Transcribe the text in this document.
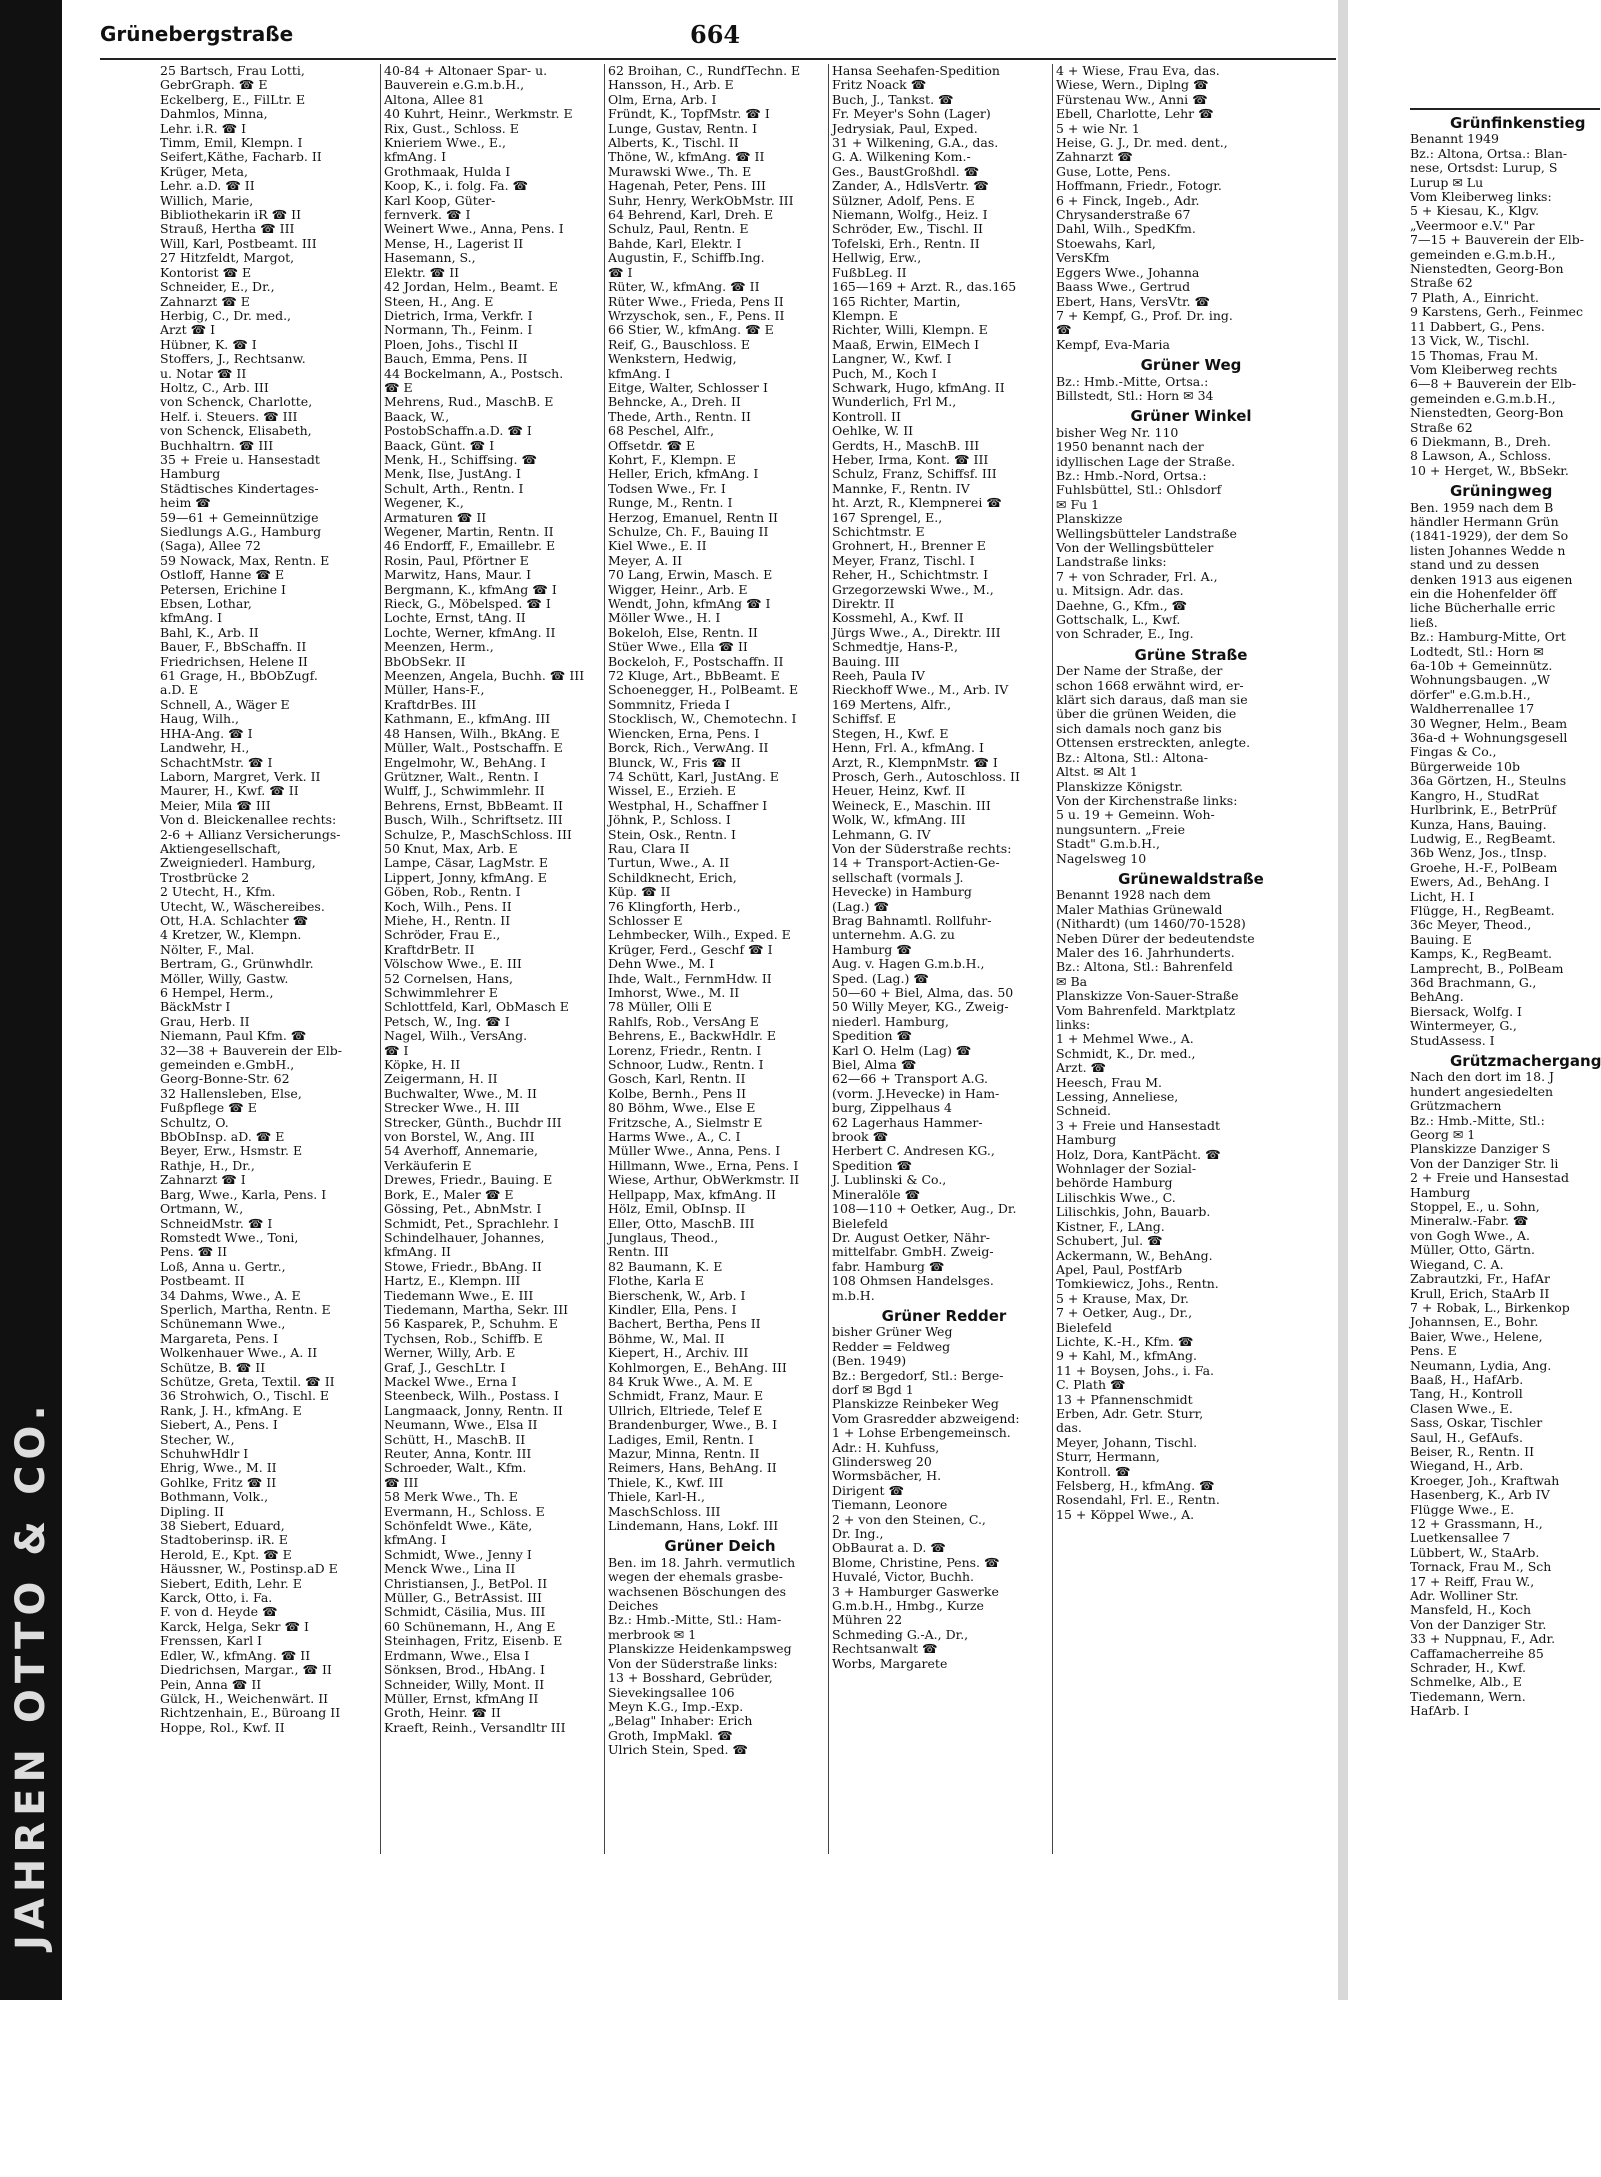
JAHREN OTTO & CO.
Grünebergstraße	664
25 Bartsch, Frau Lotti,
GebrGraph. ☎ E
Eckelberg, E., FilLtr. E
Dahmlos, Minna,
Lehr. i.R. ☎ I
Timm, Emil, Klempn. I
Seifert,Käthe, Facharb. II
Krüger, Meta,
Lehr. a.D. ☎ II
Willich, Marie,
Bibliothekarin iR ☎ II
Strauß, Hertha ☎ III
Will, Karl, Postbeamt. III
27 Hitzfeldt, Margot,
Kontorist ☎ E
Schneider, E., Dr.,
Zahnarzt ☎ E
Herbig, C., Dr. med.,
Arzt ☎ I
Hübner, K. ☎ I
Stoffers, J., Rechtsanw.
u. Notar ☎ II
Holtz, C., Arb. III
von Schenck, Charlotte,
Helf. i. Steuers. ☎ III
von Schenck, Elisabeth,
Buchhaltrn. ☎ III
35 + Freie u. Hansestadt
Hamburg
Städtisches Kindertages-
heim ☎
59—61 + Gemeinnützige
Siedlungs A.G., Hamburg
(Saga), Allee 72
59 Nowack, Max, Rentn. E
Ostloff, Hanne ☎ E
Petersen, Erichine I
Ebsen, Lothar,
kfmAng. I
Bahl, K., Arb. II
Bauer, F., BbSchaffn. II
Friedrichsen, Helene II
61 Grage, H., BbObZugf.
a.D. E
Schnell, A., Wäger E
Haug, Wilh.,
HHA-Ang. ☎ I
Landwehr, H.,
SchachtMstr. ☎ I
Laborn, Margret, Verk. II
Maurer, H., Kwf. ☎ II
Meier, Mila ☎ III
Von d. Bleickenallee rechts:
2-6 + Allianz Versicherungs-
Aktiengesellschaft,
Zweigniederl. Hamburg,
Trostbrücke 2
2 Utecht, H., Kfm.
Utecht, W., Wäschereibes.
Ott, H.A. Schlachter ☎
4 Kretzer, W., Klempn.
Nölter, F., Mal.
Bertram, G., Grünwhdlr.
Möller, Willy, Gastw.
6 Hempel, Herm.,
BäckMstr I
Grau, Herb. II
Niemann, Paul Kfm. ☎
32—38 + Bauverein der Elb-
gemeinden e.GmbH.,
Georg-Bonne-Str. 62
32 Hallensleben, Else,
Fußpflege ☎ E
Schultz, O.
BbObInsp. aD. ☎ E
Beyer, Erw., Hsmstr. E
Rathje, H., Dr.,
Zahnarzt ☎ I
Barg, Wwe., Karla, Pens. I
Ortmann, W.,
SchneidMstr. ☎ I
Romstedt Wwe., Toni,
Pens. ☎ II
Loß, Anna u. Gertr.,
Postbeamt. II
34 Dahms, Wwe., A. E
Sperlich, Martha, Rentn. E
Schünemann Wwe.,
Margareta, Pens. I
Wolkenhauer Wwe., A. II
Schütze, B. ☎ II
Schütze, Greta, Textil. ☎ II
36 Strohwich, O., Tischl. E
Rank, J. H., kfmAng. E
Siebert, A., Pens. I
Stecher, W.,
SchuhwHdlr I
Ehrig, Wwe., M. II
Gohlke, Fritz ☎ II
Bothmann, Volk.,
Dipling. II
38 Siebert, Eduard,
Stadtoberinsp. iR. E
Herold, E., Kpt. ☎ E
Häussner, W., Postinsp.aD E
Siebert, Edith, Lehr. E
Karck, Otto, i. Fa.
F. von d. Heyde ☎
Karck, Helga, Sekr ☎ I
Frenssen, Karl I
Edler, W., kfmAng. ☎ II
Diedrichsen, Margar., ☎ II
Pein, Anna ☎ II
Gülck, H., Weichenwärt. II
Richtzenhain, E., Büroang II
Hoppe, Rol., Kwf. II
40-84 + Altonaer Spar- u.
Bauverein e.G.m.b.H.,
Altona, Allee 81
40 Kuhrt, Heinr., Werkmstr. E
Rix, Gust., Schloss. E
Knieriem Wwe., E.,
kfmAng. I
Grothmaak, Hulda I
Koop, K., i. folg. Fa. ☎
Karl Koop, Güter-
fernverk. ☎ I
Weinert Wwe., Anna, Pens. I
Mense, H., Lagerist II
Hasemann, S.,
Elektr. ☎ II
42 Jordan, Helm., Beamt. E
Steen, H., Ang. E
Dietrich, Irma, Verkfr. I
Normann, Th., Feinm. I
Ploen, Johs., Tischl II
Bauch, Emma, Pens. II
44 Bockelmann, A., Postsch.
☎ E
Mehrens, Rud., MaschB. E
Baack, W.,
PostobSchaffn.a.D. ☎ I
Baack, Günt. ☎ I
Menk, H., Schiffsing. ☎
Menk, Ilse, JustAng. I
Schult, Arth., Rentn. I
Wegener, K.,
Armaturen ☎ II
Wegener, Martin, Rentn. II
46 Endorff, F., Emaillebr. E
Rosin, Paul, Pförtner E
Marwitz, Hans, Maur. I
Bergmann, K., kfmAng ☎ I
Rieck, G., Möbelsped. ☎ I
Lochte, Ernst, tAng. II
Lochte, Werner, kfmAng. II
Meenzen, Herm.,
BbObSekr. II
Meenzen, Angela, Buchh. ☎ III
Müller, Hans-F.,
KraftdrBes. III
Kathmann, E., kfmAng. III
48 Hansen, Wilh., BkAng. E
Müller, Walt., Postschaffn. E
Engelmohr, W., BehAng. I
Grützner, Walt., Rentn. I
Wulff, J., Schwimmlehr. II
Behrens, Ernst, BbBeamt. II
Busch, Wilh., Schriftsetz. III
Schulze, P., MaschSchloss. III
50 Knut, Max, Arb. E
Lampe, Cäsar, LagMstr. E
Lippert, Jonny, kfmAng. E
Göben, Rob., Rentn. I
Koch, Wilh., Pens. II
Miehe, H., Rentn. II
Schröder, Frau E.,
KraftdrBetr. II
Völschow Wwe., E. III
52 Cornelsen, Hans,
Schwimmlehrer E
Schlottfeld, Karl, ObMasch E
Petsch, W., Ing. ☎ I
Nagel, Wilh., VersAng.
☎ I
Köpke, H. II
Zeigermann, H. II
Buchwalter, Wwe., M. II
Strecker Wwe., H. III
Strecker, Günth., Buchdr III
von Borstel, W., Ang. III
54 Averhoff, Annemarie,
Verkäuferin E
Drewes, Friedr., Bauing. E
Bork, E., Maler ☎ E
Gössing, Pet., AbnMstr. I
Schmidt, Pet., Sprachlehr. I
Schindelhauer, Johannes,
kfmAng. II
Stowe, Friedr., BbAng. II
Hartz, E., Klempn. III
Tiedemann Wwe., E. III
Tiedemann, Martha, Sekr. III
56 Kasparek, P., Schuhm. E
Tychsen, Rob., Schiffb. E
Werner, Willy, Arb. E
Graf, J., GeschLtr. I
Mackel Wwe., Erna I
Steenbeck, Wilh., Postass. I
Langmaack, Jonny, Rentn. II
Neumann, Wwe., Elsa II
Schütt, H., MaschB. II
Reuter, Anna, Kontr. III
Schroeder, Walt., Kfm.
☎ III
58 Merk Wwe., Th. E
Evermann, H., Schloss. E
Schönfeldt Wwe., Käte,
kfmAng. I
Schmidt, Wwe., Jenny I
Menck Wwe., Lina II
Christiansen, J., BetPol. II
Müller, G., BetrAssist. III
Schmidt, Cäsilia, Mus. III
60 Schünemann, H., Ang E
Steinhagen, Fritz, Eisenb. E
Erdmann, Wwe., Elsa I
Sönksen, Brod., HbAng. I
Schneider, Willy, Mont. II
Müller, Ernst, kfmAng II
Groth, Heinr. ☎ II
Kraeft, Reinh., Versandltr III
62 Broihan, C., RundfTechn. E
Hansson, H., Arb. E
Olm, Erna, Arb. I
Fründt, K., TopfMstr. ☎ I
Lunge, Gustav, Rentn. I
Alberts, K., Tischl. II
Thöne, W., kfmAng. ☎ II
Murawski Wwe., Th. E
Hagenah, Peter, Pens. III
Suhr, Henry, WerkObMstr. III
64 Behrend, Karl, Dreh. E
Schulz, Paul, Rentn. E
Bahde, Karl, Elektr. I
Augustin, F., Schiffb.Ing.
☎ I
Rüter, W., kfmAng. ☎ II
Rüter Wwe., Frieda, Pens II
Wrzyschok, sen., F., Pens. II
66 Stier, W., kfmAng. ☎ E
Reif, G., Bauschloss. E
Wenkstern, Hedwig,
kfmAng. I
Eitge, Walter, Schlosser I
Behncke, A., Dreh. II
Thede, Arth., Rentn. II
68 Peschel, Alfr.,
Offsetdr. ☎ E
Kohrt, F., Klempn. E
Heller, Erich, kfmAng. I
Todsen Wwe., Fr. I
Runge, M., Rentn. I
Herzog, Emanuel, Rentn II
Schulze, Ch. F., Bauing II
Kiel Wwe., E. II
Meyer, A. II
70 Lang, Erwin, Masch. E
Wigger, Heinr., Arb. E
Wendt, John, kfmAng ☎ I
Möller Wwe., H. I
Bokeloh, Else, Rentn. II
Stüer Wwe., Ella ☎ II
Bockeloh, F., Postschaffn. II
72 Kluge, Art., BbBeamt. E
Schoenegger, H., PolBeamt. E
Sommnitz, Frieda I
Stocklisch, W., Chemotechn. I
Wiencken, Erna, Pens. I
Borck, Rich., VerwAng. II
Blunck, W., Fris ☎ II
74 Schütt, Karl, JustAng. E
Wissel, E., Erzieh. E
Westphal, H., Schaffner I
Jöhnk, P., Schloss. I
Stein, Osk., Rentn. I
Rau, Clara II
Turtun, Wwe., A. II
Schildknecht, Erich,
Küp. ☎ II
76 Klingforth, Herb.,
Schlosser E
Lehmbecker, Wilh., Exped. E
Krüger, Ferd., Geschf ☎ I
Dehn Wwe., M. I
Ihde, Walt., FernmHdw. II
Imhorst, Wwe., M. II
78 Müller, Olli E
Rahlfs, Rob., VersAng E
Behrens, E., BackwHdlr. E
Lorenz, Friedr., Rentn. I
Schnoor, Ludw., Rentn. I
Gosch, Karl, Rentn. II
Kolbe, Bernh., Pens II
80 Böhm, Wwe., Else E
Fritzsche, A., Sielmstr E
Harms Wwe., A., C. I
Müller Wwe., Anna, Pens. I
Hillmann, Wwe., Erna, Pens. I
Wiese, Arthur, ObWerkmstr. II
Hellpapp, Max, kfmAng. II
Hölz, Emil, ObInsp. II
Eller, Otto, MaschB. III
Junglaus, Theod.,
Rentn. III
82 Baumann, K. E
Flothe, Karla E
Bierschenk, W., Arb. I
Kindler, Ella, Pens. I
Bachert, Bertha, Pens II
Böhme, W., Mal. II
Kiepert, H., Archiv. III
Kohlmorgen, E., BehAng. III
84 Kruk Wwe., A. M. E
Schmidt, Franz, Maur. E
Ullrich, Eltriede, Telef E
Brandenburger, Wwe., B. I
Ladiges, Emil, Rentn. I
Mazur, Minna, Rentn. II
Reimers, Hans, BehAng. II
Thiele, K., Kwf. III
Thiele, Karl-H.,
MaschSchloss. III
Lindemann, Hans, Lokf. III
Grüner Deich
Ben. im 18. Jahrh. vermutlich
wegen der ehemals grasbe-
wachsenen Böschungen des
Deiches
Bz.: Hmb.-Mitte, Stl.: Ham-
merbrook ✉ 1
Planskizze Heidenkampsweg
Von der Süderstraße links:
13 + Bosshard, Gebrüder,
Sievekingsallee 106
Meyn K.G., Imp.-Exp.
„Belag" Inhaber: Erich
Groth, ImpMakl. ☎
Ulrich Stein, Sped. ☎
Hansa Seehafen-Spedition
Fritz Noack ☎
Buch, J., Tankst. ☎
Fr. Meyer's Sohn (Lager)
Jedrysiak, Paul, Exped.
31 + Wilkening, G.A., das.
G. A. Wilkening Kom.-
Ges., BaustGroßhdl. ☎
Zander, A., HdlsVertr. ☎
Sülzner, Adolf, Pens. E
Niemann, Wolfg., Heiz. I
Schröder, Ew., Tischl. II
Tofelski, Erh., Rentn. II
Hellwig, Erw.,
FußbLeg. II
165—169 + Arzt. R., das.165
165 Richter, Martin,
Klempn. E
Richter, Willi, Klempn. E
Maaß, Erwin, ElMech I
Langner, W., Kwf. I
Puch, M., Koch I
Schwark, Hugo, kfmAng. II
Wunderlich, Frl M.,
Kontroll. II
Oehlke, W. II
Gerdts, H., MaschB. III
Heber, Irma, Kont. ☎ III
Schulz, Franz, Schiffsf. III
Mannke, F., Rentn. IV
ht. Arzt, R., Klempnerei ☎
167 Sprengel, E.,
Schichtmstr. E
Grohnert, H., Brenner E
Meyer, Franz, Tischl. I
Reher, H., Schichtmstr. I
Grzegorzewski Wwe., M.,
Direktr. II
Kossmehl, A., Kwf. II
Jürgs Wwe., A., Direktr. III
Schmedtje, Hans-P.,
Bauing. III
Reeh, Paula IV
Rieckhoff Wwe., M., Arb. IV
169 Mertens, Alfr.,
Schiffsf. E
Stegen, H., Kwf. E
Henn, Frl. A., kfmAng. I
Arzt, R., KlempnMstr. ☎ I
Prosch, Gerh., Autoschloss. II
Heuer, Heinz, Kwf. II
Weineck, E., Maschin. III
Wolk, W., kfmAng. III
Lehmann, G. IV
Von der Süderstraße rechts:
14 + Transport-Actien-Ge-
sellschaft (vormals J.
Hevecke) in Hamburg
(Lag.) ☎
Brag Bahnamtl. Rollfuhr-
unternehm. A.G. zu
Hamburg ☎
Aug. v. Hagen G.m.b.H.,
Sped. (Lag.) ☎
50—60 + Biel, Alma, das. 50
50 Willy Meyer, KG., Zweig-
niederl. Hamburg,
Spedition ☎
Karl O. Helm (Lag) ☎
Biel, Alma ☎
62—66 + Transport A.G.
(vorm. J.Hevecke) in Ham-
burg, Zippelhaus 4
62 Lagerhaus Hammer-
brook ☎
Herbert C. Andresen KG.,
Spedition ☎
J. Lublinski & Co.,
Mineralöle ☎
108—110 + Oetker, Aug., Dr.
Bielefeld
Dr. August Oetker, Nähr-
mittelfabr. GmbH. Zweig-
fabr. Hamburg ☎
108 Ohmsen Handelsges.
m.b.H.
Grüner Redder
bisher Grüner Weg
Redder = Feldweg
(Ben. 1949)
Bz.: Bergedorf, Stl.: Berge-
dorf ✉ Bgd 1
Planskizze Reinbeker Weg
Vom Grasredder abzweigend:
1 + Lohse Erbengemeinsch.
Adr.: H. Kuhfuss,
Glindersweg 20
Wormsbächer, H.
Dirigent ☎
Tiemann, Leonore
2 + von den Steinen, C.,
Dr. Ing.,
ObBaurat a. D. ☎
Blome, Christine, Pens. ☎
Huvalé, Victor, Buchh.
3 + Hamburger Gaswerke
G.m.b.H., Hmbg., Kurze
Mühren 22
Schmeding G.-A., Dr.,
Rechtsanwalt ☎
Worbs, Margarete
4 + Wiese, Frau Eva, das.
Wiese, Wern., Diplng ☎
Fürstenau Ww., Anni ☎
Ebell, Charlotte, Lehr ☎
5 + wie Nr. 1
Heise, G. J., Dr. med. dent.,
Zahnarzt ☎
Guse, Lotte, Pens.
Hoffmann, Friedr., Fotogr.
6 + Finck, Ingeb., Adr.
Chrysanderstraße 67
Dahl, Wilh., SpedKfm.
Stoewahs, Karl,
VersKfm
Eggers Wwe., Johanna
Baass Wwe., Gertrud
Ebert, Hans, VersVtr. ☎
7 + Kempf, G., Prof. Dr. ing.
☎
Kempf, Eva-Maria
Grüner Weg
Bz.: Hmb.-Mitte, Ortsa.:
Billstedt, Stl.: Horn ✉ 34
Grüner Winkel
bisher Weg Nr. 110
1950 benannt nach der
idyllischen Lage der Straße.
Bz.: Hmb.-Nord, Ortsa.:
Fuhlsbüttel, Stl.: Ohlsdorf
✉ Fu 1
Planskizze
Wellingsbütteler Landstraße
Von der Wellingsbütteler
Landstraße links:
7 + von Schrader, Frl. A.,
u. Mitsign. Adr. das.
Daehne, G., Kfm., ☎
Gottschalk, L., Kwf.
von Schrader, E., Ing.
Grüne Straße
Der Name der Straße, der
schon 1668 erwähnt wird, er-
klärt sich daraus, daß man sie
über die grünen Weiden, die
sich damals noch ganz bis
Ottensen erstreckten, anlegte.
Bz.: Altona, Stl.: Altona-
Altst. ✉ Alt 1
Planskizze Königstr.
Von der Kirchenstraße links:
5 u. 19 + Gemeinn. Woh-
nungsuntern. „Freie
Stadt" G.m.b.H.,
Nagelsweg 10
Grünewaldstraße
Benannt 1928 nach dem
Maler Mathias Grünewald
(Nithardt) (um 1460/70-1528)
Neben Dürer der bedeutendste
Maler des 16. Jahrhunderts.
Bz.: Altona, Stl.: Bahrenfeld
✉ Ba
Planskizze Von-Sauer-Straße
Vom Bahrenfeld. Marktplatz
links:
1 + Mehmel Wwe., A.
Schmidt, K., Dr. med.,
Arzt. ☎
Heesch, Frau M.
Lessing, Anneliese,
Schneid.
3 + Freie und Hansestadt
Hamburg
Holz, Dora, KantPächt. ☎
Wohnlager der Sozial-
behörde Hamburg
Lilischkis Wwe., C.
Lilischkis, John, Bauarb.
Kistner, F., LAng.
Schubert, Jul. ☎
Ackermann, W., BehAng.
Apel, Paul, PostfArb
Tomkiewicz, Johs., Rentn.
5 + Krause, Max, Dr.
7 + Oetker, Aug., Dr.,
Bielefeld
Lichte, K.-H., Kfm. ☎
9 + Kahl, M., kfmAng.
11 + Boysen, Johs., i. Fa.
C. Plath ☎
13 + Pfannenschmidt
Erben, Adr. Getr. Sturr,
das.
Meyer, Johann, Tischl.
Sturr, Hermann,
Kontroll. ☎
Felsberg, H., kfmAng. ☎
Rosendahl, Frl. E., Rentn.
15 + Köppel Wwe., A.
Grünfinkenstieg
Benannt 1949
Bz.: Altona, Ortsa.: Blan-
nese, Ortsdst: Lurup, S
Lurup ✉ Lu
Vom Kleiberweg links:
5 + Kiesau, K., Klgv.
„Veermoor e.V." Par
7—15 + Bauverein der Elb-
gemeinden e.G.m.b.H.,
Nienstedten, Georg-Bon
Straße 62
7 Plath, A., Einricht.
9 Karstens, Gerh., Feinmec
11 Dabbert, G., Pens.
13 Vick, W., Tischl.
15 Thomas, Frau M.
Vom Kleiberweg rechts
6—8 + Bauverein der Elb-
gemeinden e.G.m.b.H.,
Nienstedten, Georg-Bon
Straße 62
6 Diekmann, B., Dreh.
8 Lawson, A., Schloss.
10 + Herget, W., BbSekr.
Grüningweg
Ben. 1959 nach dem B
händler Hermann Grün
(1841-1929), der dem So
listen Johannes Wedde n
stand und zu dessen
denken 1913 aus eigenen
ein die Hohenfelder öff
liche Bücherhalle erric
ließ.
Bz.: Hamburg-Mitte, Ort
Lodtedt, Stl.: Horn ✉
6a-10b + Gemeinnütz.
Wohnungsbaugen. „W
dörfer" e.G.m.b.H.,
Waldherrenallee 17
30 Wegner, Helm., Beam
36a-d + Wohnungsgesell
Fingas & Co.,
Bürgerweide 10b
36a Görtzen, H., Steulns
Kangro, H., StudRat
Hurlbrink, E., BetrPrüf
Kunza, Hans, Bauing.
Ludwig, E., RegBeamt.
36b Wenz, Jos., tInsp.
Groehe, H.-F., PolBeam
Ewers, Ad., BehAng. I
Licht, H. I
Flügge, H., RegBeamt.
36c Meyer, Theod.,
Bauing. E
Kamps, K., RegBeamt.
Lamprecht, B., PolBeam
36d Brachmann, G.,
BehAng.
Biersack, Wolfg. I
Wintermeyer, G.,
StudAssess. I
Grützmachergang
Nach den dort im 18. J
hundert angesiedelten
Grützmachern
Bz.: Hmb.-Mitte, Stl.:
Georg ✉ 1
Planskizze Danziger S
Von der Danziger Str. li
2 + Freie und Hansestad
Hamburg
Stoppel, E., u. Sohn,
Mineralw.-Fabr. ☎
von Gogh Wwe., A.
Müller, Otto, Gärtn.
Wiegand, C. A.
Zabrautzki, Fr., HafAr
Krull, Erich, StaArb II
7 + Robak, L., Birkenkop
Johannsen, E., Bohr.
Baier, Wwe., Helene,
Pens. E
Neumann, Lydia, Ang.
Baaß, H., HafArb.
Tang, H., Kontroll
Clasen Wwe., E.
Sass, Oskar, Tischler
Saul, H., GefAufs.
Beiser, R., Rentn. II
Wiegand, H., Arb.
Kroeger, Joh., Kraftwah
Hasenberg, K., Arb IV
Flügge Wwe., E.
12 + Grassmann, H.,
Luetkensallee 7
Lübbert, W., StaArb.
Tornack, Frau M., Sch
17 + Reiff, Frau W.,
Adr. Wolliner Str.
Mansfeld, H., Koch
Von der Danziger Str.
33 + Nuppnau, F., Adr.
Caffamacherreihe 85
Schrader, H., Kwf.
Schmelke, Alb., E
Tiedemann, Wern.
HafArb. I
